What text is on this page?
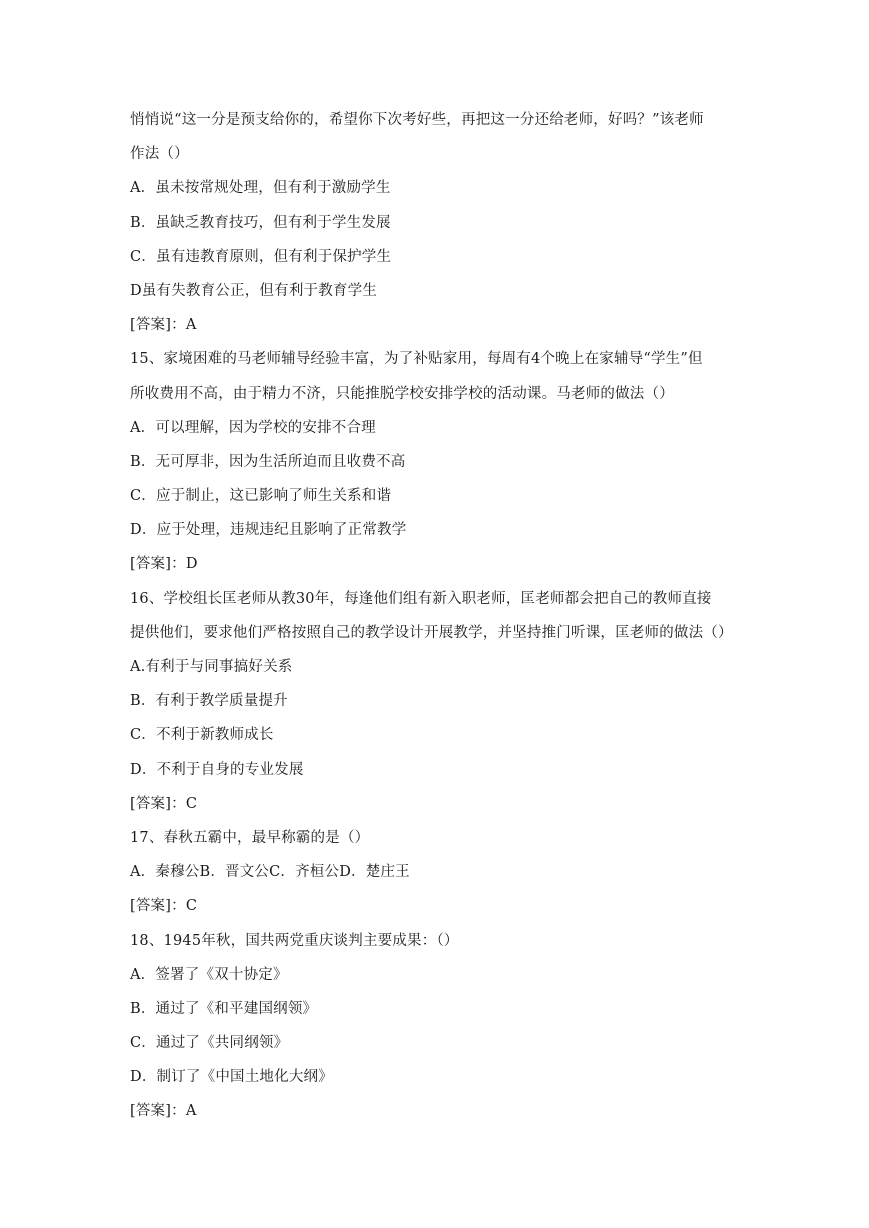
悄悄说“这一分是预支给你的，希望你下次考好些，再把这一分还给老师，好吗？”该老师
作法（）
A．虽未按常规处理，但有利于激励学生
B．虽缺乏教育技巧，但有利于学生发展
C．虽有违教育原则，但有利于保护学生
D虽有失教育公正，但有利于教育学生
[答案]：A
15、家境困难的马老师辅导经验丰富，为了补贴家用，每周有4个晚上在家辅导“学生”但
所收费用不高，由于精力不济，只能推脱学校安排学校的活动课。马老师的做法（）
A．可以理解，因为学校的安排不合理
B．无可厚非，因为生活所迫而且收费不高
C．应于制止，这已影响了师生关系和谐
D．应于处理，违规违纪且影响了正常教学
[答案]：D
16、学校组长匡老师从教30年，每逢他们组有新入职老师，匡老师都会把自己的教师直接
提供他们，要求他们严格按照自己的教学设计开展教学，并坚持推门听课，匡老师的做法（）
A.有利于与同事搞好关系
B．有利于教学质量提升
C．不利于新教师成长
D．不利于自身的专业发展
[答案]：C
17、春秋五霸中，最早称霸的是（）
A．秦穆公B．晋文公C．齐桓公D．楚庄王
[答案]：C
18、1945年秋，国共两党重庆谈判主要成果：（）
A．签署了《双十协定》
B．通过了《和平建国纲领》
C．通过了《共同纲领》
D．制订了《中国土地化大纲》
[答案]：A
